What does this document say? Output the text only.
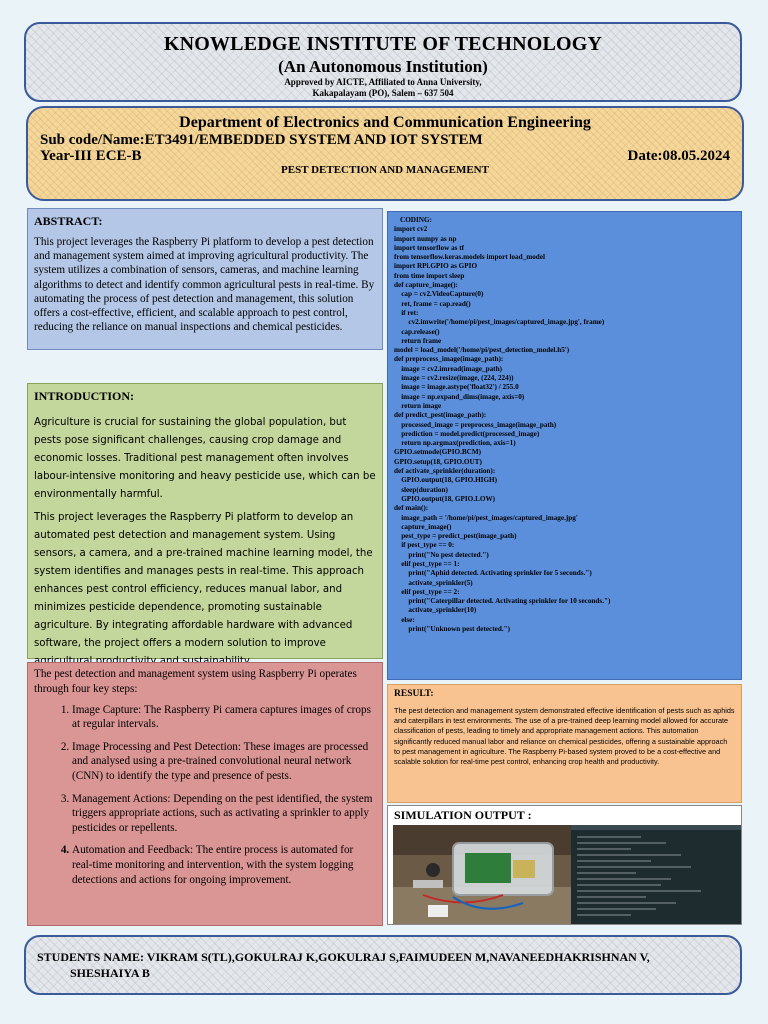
KNOWLEDGE INSTITUTE OF TECHNOLOGY
(An Autonomous Institution)
Approved by AICTE, Affiliated to Anna University,
Kakapalayam (PO), Salem – 637 504
Department of Electronics and Communication Engineering
Sub code/Name:ET3491/EMBEDDED SYSTEM AND IOT SYSTEM
Year-III ECE-B	Date:08.05.2024
PEST DETECTION AND MANAGEMENT
ABSTRACT:

This project leverages the Raspberry Pi platform to develop a pest detection and management system aimed at improving agricultural productivity. The system utilizes a combination of sensors, cameras, and machine learning algorithms to detect and identify common agricultural pests in real-time. By automating the process of pest detection and management, this solution offers a cost-effective, efficient, and scalable approach to pest control, reducing the reliance on manual inspections and chemical pesticides.

INTRODUCTION:

Agriculture is crucial for sustaining the global population, but pests pose significant challenges, causing crop damage and economic losses. Traditional pest management often involves labour-intensive monitoring and heavy pesticide use, which can be environmentally harmful.

This project leverages the Raspberry Pi platform to develop an automated pest detection and management system. Using sensors, a camera, and a pre-trained machine learning model, the system identifies and manages pests in real-time. This approach enhances pest control efficiency, reduces manual labor, and minimizes pesticide dependence, promoting sustainable agriculture. By integrating affordable hardware with advanced software, the project offers a modern solution to improve

The pest detection and management system using Raspberry Pi operates through four key steps:

1. Image Capture: The Raspberry Pi camera captures images of crops at regular intervals.
2. Image Processing and Pest Detection: These images are processed and analysed using a pre-trained convolutional neural network (CNN) to identify the type and presence of pests.
3. Management Actions: Depending on the pest identified, the system triggers appropriate actions, such as activating a sprinkler to apply pesticides or repellents.
4. Automation and Feedback: The entire process is automated for real-time monitoring and intervention, with the system logging detections and actions for ongoing improvement.
CODING:
import cv2
import numpy as np
import tensorflow as tf
from tensorflow.keras.models import load_model
import RPi.GPIO as GPIO
from time import sleep
def capture_image():
cap = cv2.VideoCapture(0)
ret, frame = cap.read()
if ret:
cv2.imwrite('/home/pi/pest_images/captured_image.jpg', frame)
cap.release()
return frame
model = load_model('/home/pi/pest_detection_model.h5')
def preprocess_image(image_path):
image = cv2.imread(image_path)
image = cv2.resize(image, (224, 224))
image = image.astype('float32') / 255.0
image = np.expand_dims(image, axis=0)
return image
def predict_pest(image_path):
processed_image = preprocess_image(image_path)
prediction = model.predict(processed_image)
return np.argmax(prediction, axis=1)
GPIO.setmode(GPIO.BCM)
GPIO.setup(18, GPIO.OUT)
def activate_sprinkler(duration):
GPIO.output(18, GPIO.HIGH)
sleep(duration)
GPIO.output(18, GPIO.LOW)
def main():
image_path = '/home/pi/pest_images/captured_image.jpg'
capture_image()
pest_type = predict_pest(image_path)
if pest_type == 0:
print("No pest detected.")
elif pest_type == 1:
print("Aphid detected. Activating sprinkler for 5 seconds.")
activate_sprinkler(5)
elif pest_type == 2:
print("Caterpillar detected. Activating sprinkler for 10 seconds.")
activate_sprinkler(10)
else:
print("Unknown pest detected.")
RESULT:

The pest detection and management system demonstrated effective identification of pests such as aphids and caterpillars in test environments. The use of a pre-trained deep learning model allowed for accurate classification of pests, leading to timely and appropriate management actions. This automation significantly reduced manual labor and reliance on chemical pesticides, offering a sustainable approach to pest management in agriculture. The Raspberry Pi-based system proved to be a cost-effective and scalable solution for real-time pest control, enhancing crop health and productivity.

SIMULATION OUTPUT :
STUDENTS NAME: VIKRAM S(TL),GOKULRAJ K,GOKULRAJ S,FAIMUDEEN M,NAVANEEDHAKRISHNAN V,
SHESHAIYA B
